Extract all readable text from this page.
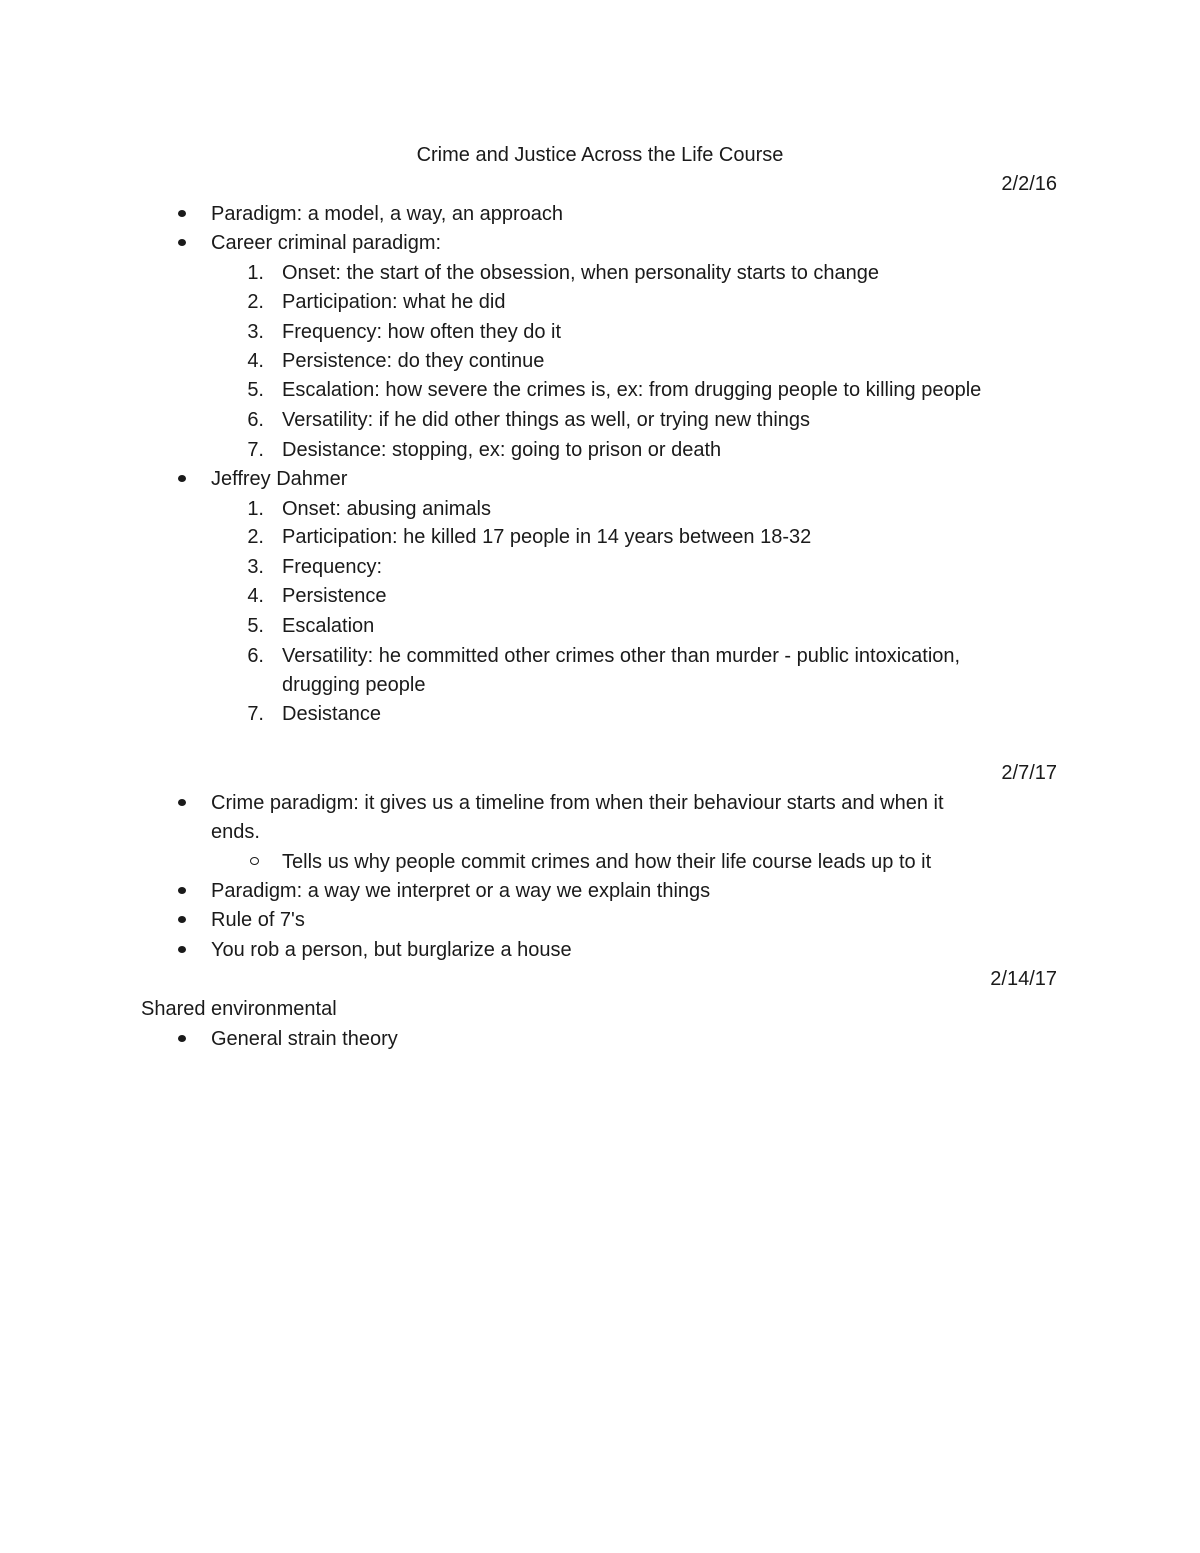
Crime and Justice Across the Life Course
2/2/16
Paradigm: a model, a way, an approach
Career criminal paradigm:
1. Onset: the start of the obsession, when personality starts to change
2. Participation: what he did
3. Frequency: how often they do it
4. Persistence: do they continue
5. Escalation: how severe the crimes is, ex: from drugging people to killing people
6. Versatility: if he did other things as well, or trying new things
7. Desistance: stopping, ex: going to prison or death
Jeffrey Dahmer
1. Onset: abusing animals
2. Participation: he killed 17 people in 14 years between 18-32
3. Frequency:
4. Persistence
5. Escalation
6. Versatility: he committed other crimes other than murder - public intoxication,
drugging people
7. Desistance
2/7/17
Crime paradigm: it gives us a timeline from when their behaviour starts and when it
ends.
Tells us why people commit crimes and how their life course leads up to it
Paradigm: a way we interpret or a way we explain things
Rule of 7's
You rob a person, but burglarize a house
2/14/17
Shared environmental
General strain theory
